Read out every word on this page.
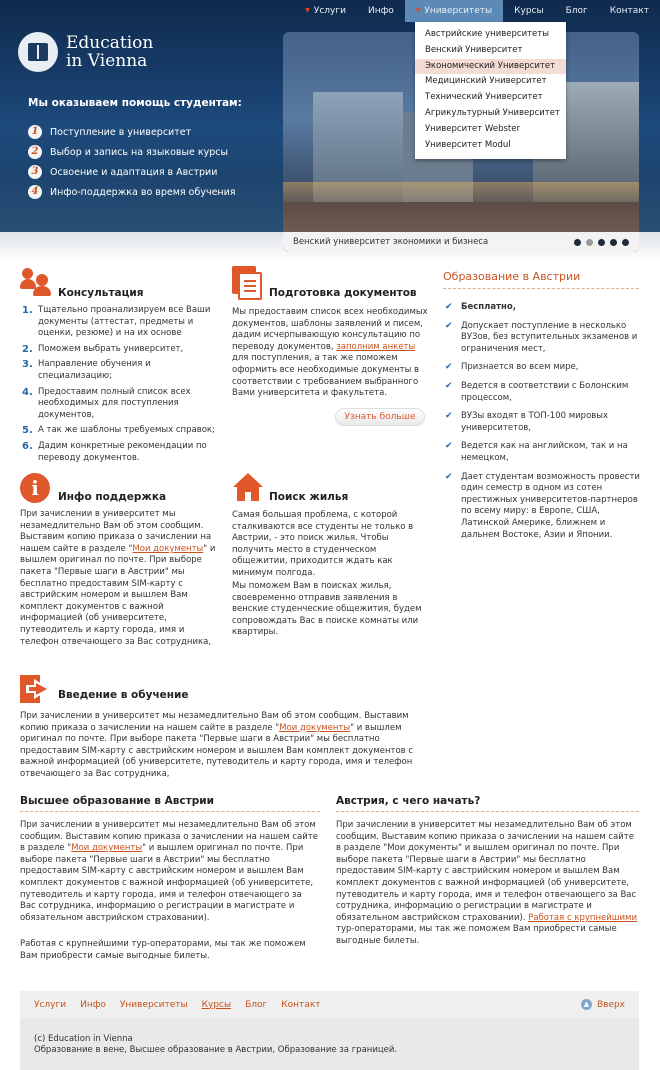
▼ Услуги	Инфо	▼ Университеты	Курсы	Блог	Контакт
Education
in Vienna
Мы оказываем помощь студентам:
1	Поступление в университет
2	Выбор и запись на языковые курсы
3	Освоение и адаптация в Австрии
4	Инфо-поддержка во время обучения
Венский университет экономики и бизнеса
Австрийские университеты
Венский Университет
Экономический Университет
Медицинский Университет
Технический Университет
Агрикультурный Университет
Университет Webster
Университет Modul
Консультация
1. Тщательно проанализируем все Ваши документы (аттестат, предметы и оценки, резюме) и на их основе
2. Поможем выбрать университет,
3. Направление обучения и специализацию;
4. Предоставим полный список всех необходимых для поступления документов,
5. А так же шаблоны требуемых справок;
6. Дадим конкретные рекомендации по переводу документов.
Подготовка документов
Мы предоставим список всех необходимых документов, шаблоны заявлений и писем, дадим исчерпывающую консультацию по переводу документов, заполним анкеты для поступления, а так же поможем оформить все необходимые документы в соответствии с требованием выбранного Вами университета и факультета.
Узнать больше
Образование в Австрии
✔ Бесплатно,
✔ Допускает поступление в несколько ВУЗов, без вступительных экзаменов и ограничения мест,
✔ Признается во всем мире,
✔ Ведется в соответствии с Болонским процессом,
✔ ВУЗы входят в ТОП-100 мировых университетов,
✔ Ведется как на английском, так и на немецком,
✔ Дает студентам возможность провести один семестр в одном из сотен престижных университетов-партнеров по всему миру: в Европе, США, Латинской Америке, ближнем и дальнем Востоке, Азии и Японии.
i	Инфо поддержка
При зачислении в университет мы незамедлительно Вам об этом сообщим. Выставим копию приказа о зачислении на нашем сайте в разделе "Мои документы" и вышлем оригинал по почте. При выборе пакета "Первые шаги в Австрии" мы бесплатно предоставим SIM-карту с австрийским номером и вышлем Вам комплект документов с важной информацией (об университете, путеводитель и карту города, имя и телефон отвечающего за Вас сотрудника,
Поиск жилья
Самая большая проблема, с которой сталкиваются все студенты не только в Австрии, - это поиск жилья. Чтобы получить место в студенческом общежитии, приходится ждать как минимум полгода.
Мы поможем Вам в поисках жилья, своевременно отправив заявления в венские студенческие общежития, будем сопровождать Вас в поиске комнаты или квартиры.
Введение в обучение
При зачислении в университет мы незамедлительно Вам об этом сообщим. Выставим копию приказа о зачислении на нашем сайте в разделе "Мои документы" и вышлем оригинал по почте. При выборе пакета "Первые шаги в Австрии" мы бесплатно предоставим SIM-карту с австрийским номером и вышлем Вам комплект документов с важной информацией (об университете, путеводитель и карту города, имя и телефон отвечающего за Вас сотрудника,
Высшее образование в Австрии
При зачислении в университет мы незамедлительно Вам об этом сообщим. Выставим копию приказа о зачислении на нашем сайте в разделе "Мои документы" и вышлем оригинал по почте. При выборе пакета "Первые шаги в Австрии" мы бесплатно предоставим SIM-карту с австрийским номером и вышлем Вам комплект документов с важной информацией (об университете, путеводитель и карту города, имя и телефон отвечающего за Вас сотрудника, информацию о регистрации в магистрате и обязательном австрийском страховании).
Работая с крупнейшими тур-операторами, мы так же поможем Вам приобрести самые выгодные билеты.
Австрия, с чего начать?
При зачислении в университет мы незамедлительно Вам об этом сообщим. Выставим копию приказа о зачислении на нашем сайте в разделе "Мои документы" и вышлем оригинал по почте. При выборе пакета "Первые шаги в Австрии" мы бесплатно предоставим SIM-карту с австрийским номером и вышлем Вам комплект документов с важной информацией (об университете, путеводитель и карту города, имя и телефон отвечающего за Вас сотрудника, информацию о регистрации в магистрате и обязательном австрийском страховании). Работая с крупнейшими тур-операторами, мы так же поможем Вам приобрести самые выгодные билеты.
Услуги Инфо Университеты Курсы Блог Контакт	▲ Вверх
(c) Education in Vienna
Образование в вене, Высшее образование в Австрии, Образование за границей.
